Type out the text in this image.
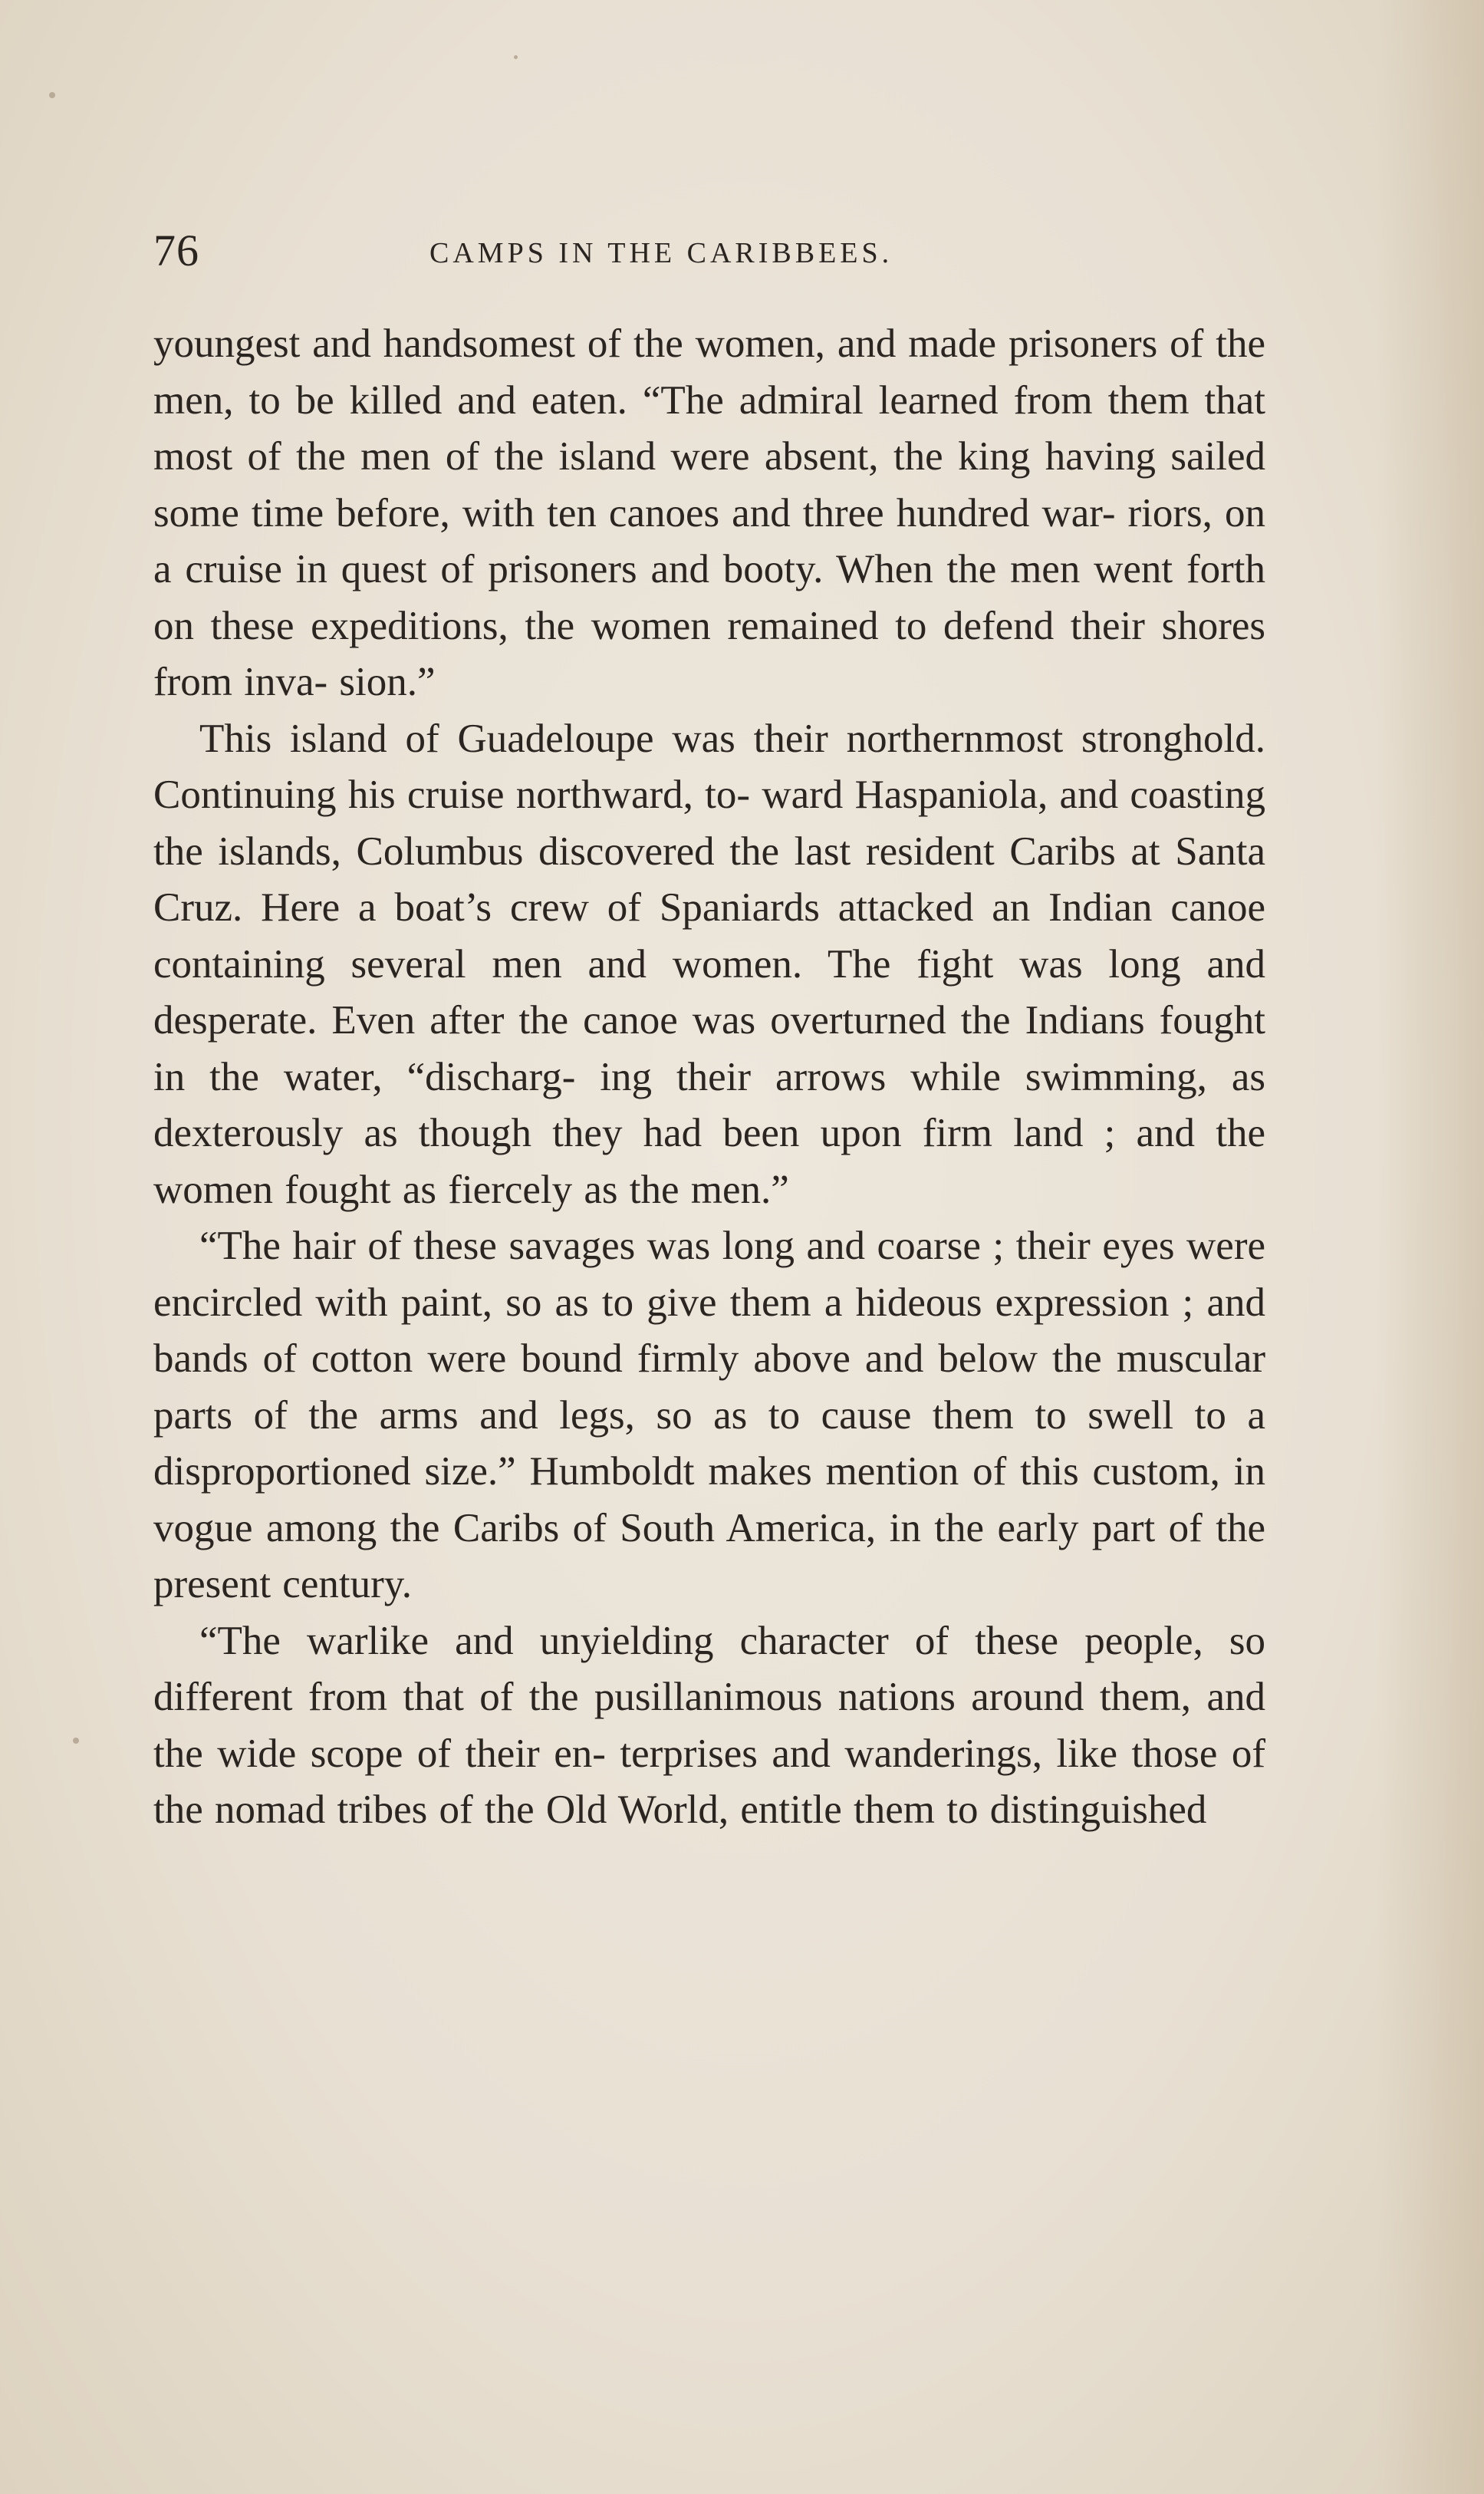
76	CAMPS IN THE CARIBBEES.

youngest and handsomest of the women, and made prisoners of the men, to be killed and eaten. “The admiral learned from them that most of the men of the island were absent, the king having sailed some time before, with ten canoes and three hundred war- riors, on a cruise in quest of prisoners and booty. When the men went forth on these expeditions, the women remained to defend their shores from inva- sion.”

This island of Guadeloupe was their northernmost stronghold. Continuing his cruise northward, to- ward Haspaniola, and coasting the islands, Columbus discovered the last resident Caribs at Santa Cruz. Here a boat’s crew of Spaniards attacked an Indian canoe containing several men and women. The fight was long and desperate. Even after the canoe was overturned the Indians fought in the water, “discharg- ing their arrows while swimming, as dexterously as though they had been upon firm land ; and the women fought as fiercely as the men.”

“The hair of these savages was long and coarse ; their eyes were encircled with paint, so as to give them a hideous expression ; and bands of cotton were bound firmly above and below the muscular parts of the arms and legs, so as to cause them to swell to a disproportioned size.” Humboldt makes mention of this custom, in vogue among the Caribs of South America, in the early part of the present century.

“The warlike and unyielding character of these people, so different from that of the pusillanimous nations around them, and the wide scope of their en- terprises and wanderings, like those of the nomad tribes of the Old World, entitle them to distinguished
